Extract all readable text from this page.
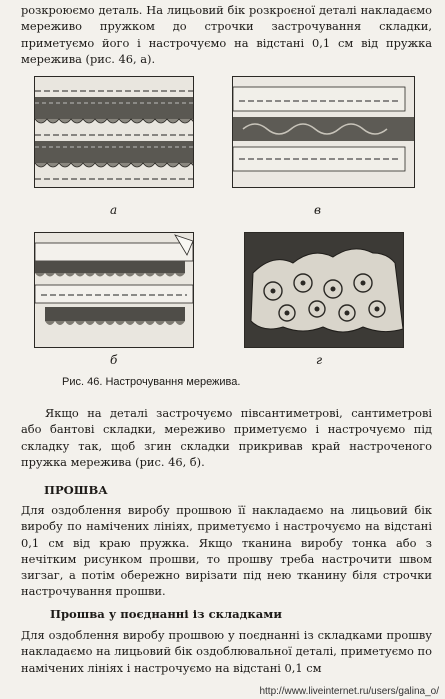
розкроюємо деталь. На лицьовий бік розкроєної деталі накладаємо мереживо пружком до строчки застрочування складки, приметуємо його і настрочуємо на відстані 0,1 см від пружка мережива (рис. 46, а).
а	в
б	г
Рис. 46. Настрочування мережива.
Якщо на деталі застрочуємо півсантиметрові, сантиметрові або бантові складки, мереживо приметуємо і настрочуємо під складку так, щоб згин складки прикривав край настроченого пружка мережива (рис. 46, б).
ПРОШВА
Для оздоблення виробу прошвою її накладаємо на лицьовий бік виробу по намічених лініях, приметуємо і настрочуємо на відстані 0,1 см від краю пружка. Якщо тканина виробу тонка або з нечітким рисунком прошви, то прошву треба настрочити швом зигзаг, а потім обережно вирізати під нею тканину біля строчки настрочування прошви.
Прошва у поєднанні із складками
Для оздоблення виробу прошвою у поєднанні із складками прошву накладаємо на лицьовий бік оздоблювальної деталі, приметуємо по намічених лініях і настрочуємо на відстані 0,1 см
http://www.liveinternet.ru/users/galina_o/
